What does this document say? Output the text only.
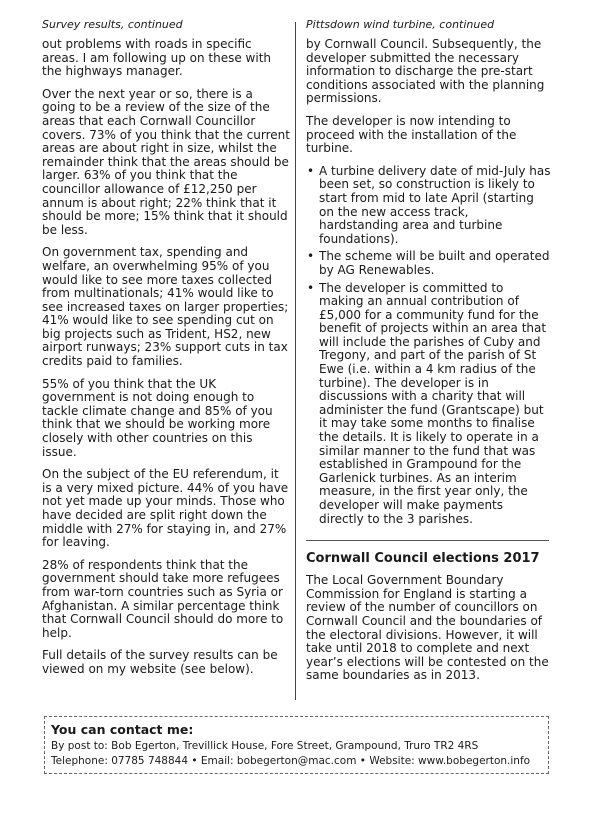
Survey results, continued

out problems with roads in specific areas. I am following up on these with the highways manager.

Over the next year or so, there is a going to be a review of the size of the areas that each Cornwall Councillor covers. 73% of you think that the current areas are about right in size, whilst the remainder think that the areas should be larger. 63% of you think that the councillor allowance of £12,250 per annum is about right; 22% think that it should be more; 15% think that it should be less.

On government tax, spending and welfare, an overwhelming 95% of you would like to see more taxes collected from multinationals; 41% would like to see increased taxes on larger properties; 41% would like to see spending cut on big projects such as Trident, HS2, new airport runways; 23% support cuts in tax credits paid to families.

55% of you think that the UK government is not doing enough to tackle climate change and 85% of you think that we should be working more closely with other countries on this issue.

On the subject of the EU referendum, it is a very mixed picture. 44% of you have not yet made up your minds. Those who have decided are split right down the middle with 27% for staying in, and 27% for leaving.

28% of respondents think that the government should take more refugees from war-torn countries such as Syria or Afghanistan. A similar percentage think that Cornwall Council should do more to help.

Full details of the survey results can be viewed on my website (see below).

Pittsdown wind turbine, continued

by Cornwall Council. Subsequently, the developer submitted the necessary information to discharge the pre-start conditions associated with the planning permissions.

The developer is now intending to proceed with the installation of the turbine.

• A turbine delivery date of mid-July has been set, so construction is likely to start from mid to late April (starting on the new access track, hardstanding area and turbine foundations).
• The scheme will be built and operated by AG Renewables.
• The developer is committed to making an annual contribution of £5,000 for a community fund for the benefit of projects within an area that will include the parishes of Cuby and Tregony, and part of the parish of St Ewe (i.e. within a 4 km radius of the turbine). The developer is in discussions with a charity that will administer the fund (Grantscape) but it may take some months to finalise the details. It is likely to operate in a similar manner to the fund that was established in Grampound for the Garlenick turbines. As an interim measure, in the first year only, the developer will make payments directly to the 3 parishes.
Cornwall Council elections 2017

The Local Government Boundary Commission for England is starting a review of the number of councillors on Cornwall Council and the boundaries of the electoral divisions. However, it will take until 2018 to complete and next year’s elections will be contested on the same boundaries as in 2013.

You can contact me:
By post to: Bob Egerton, Trevillick House, Fore Street, Grampound, Truro TR2 4RS
Telephone: 07785 748844 • Email: bobegerton@mac.com • Website: www.bobegerton.info
